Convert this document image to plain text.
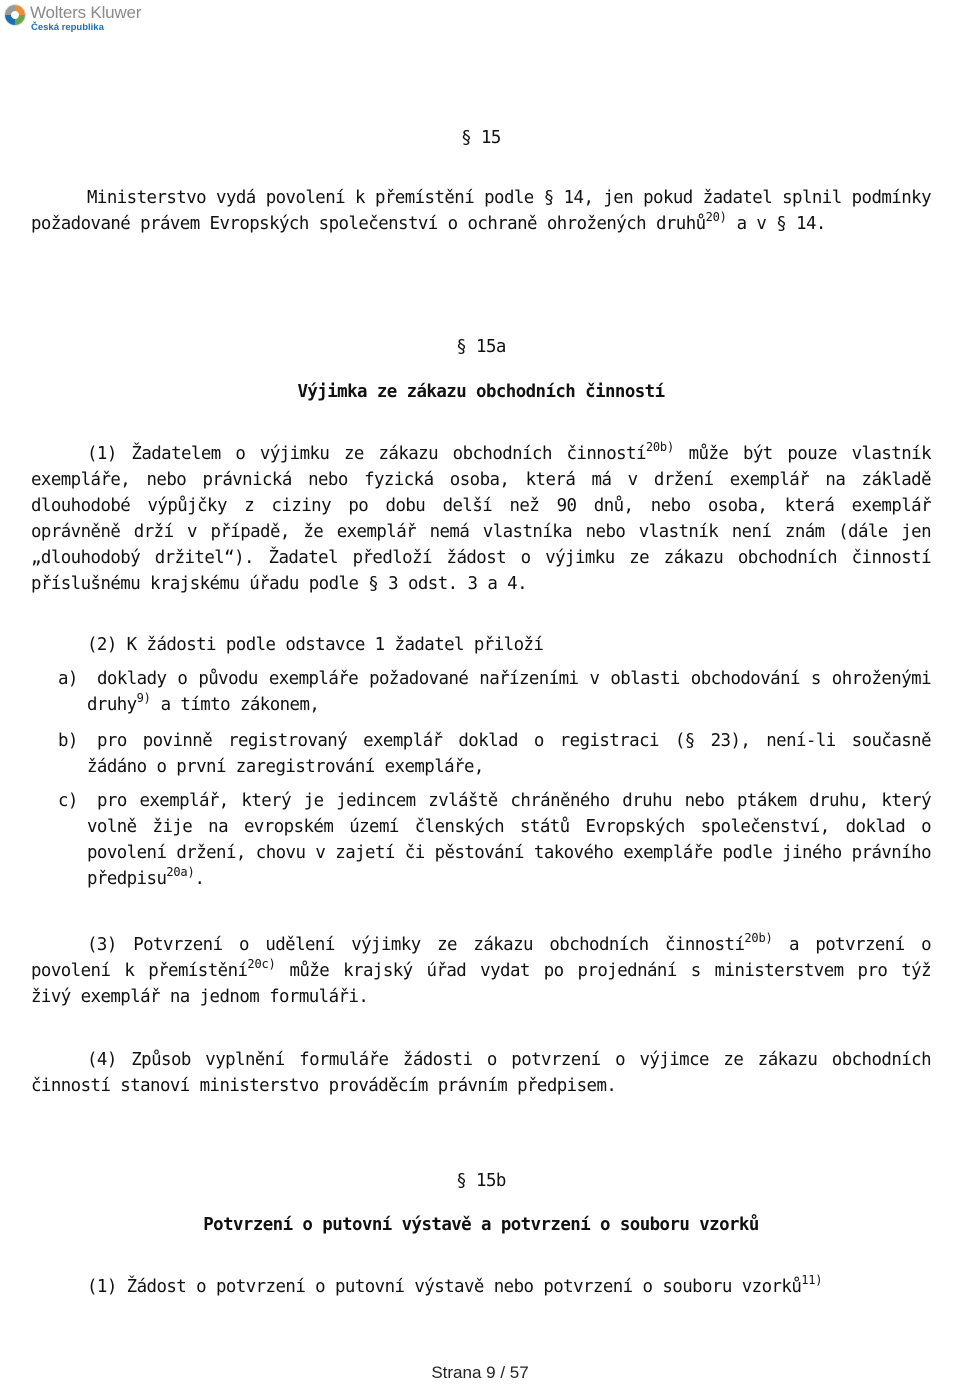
Wolters Kluwer
Česká republika
§ 15

Ministerstvo vydá povolení k přemístění podle § 14, jen pokud žadatel splnil podmínky požadované právem Evropských společenství o ochraně ohrožených druhů$^{20)}$ a v § 14.

§ 15a
Výjimka ze zákazu obchodních činností

(1) Žadatelem o výjimku ze zákazu obchodních činností$^{20b)}$ může být pouze vlastník exempláře, nebo právnická nebo fyzická osoba, která má v držení exemplář na základě dlouhodobé výpůjčky z ciziny po dobu delší než 90 dnů, nebo osoba, která exemplář oprávněně drží v případě, že exemplář nemá vlastníka nebo vlastník není znám (dále jen „dlouhodobý držitel“). Žadatel předloží žádost o výjimku ze zákazu obchodních činností příslušnému krajskému úřadu podle § 3 odst. 3 a 4.

(2) K žádosti podle odstavce 1 žadatel přiloží

a)	doklady o původu exempláře požadované nařízeními v oblasti obchodování s ohroženými druhy$^{9)}$ a tímto zákonem,
b)	pro povinně registrovaný exemplář doklad o registraci (§ 23), není-li současně žádáno o první zaregistrování exempláře,
c)	pro exemplář, který je jedincem zvláště chráněného druhu nebo ptákem druhu, který volně žije na evropském území členských států Evropských společenství, doklad o povolení držení, chovu v zajetí či pěstování takového exempláře podle jiného právního předpisu$^{20a)}$.

(3) Potvrzení o udělení výjimky ze zákazu obchodních činností$^{20b)}$ a potvrzení o povolení k přemístění$^{20c)}$ může krajský úřad vydat po projednání s ministerstvem pro týž živý exemplář na jednom formuláři.

(4) Způsob vyplnění formuláře žádosti o potvrzení o výjimce ze zákazu obchodních činností stanoví ministerstvo prováděcím právním předpisem.

§ 15b
Potvrzení o putovní výstavě a potvrzení o souboru vzorků

(1) Žádost o potvrzení o putovní výstavě nebo potvrzení o souboru vzorků$^{11)}$

Strana 9 / 57
